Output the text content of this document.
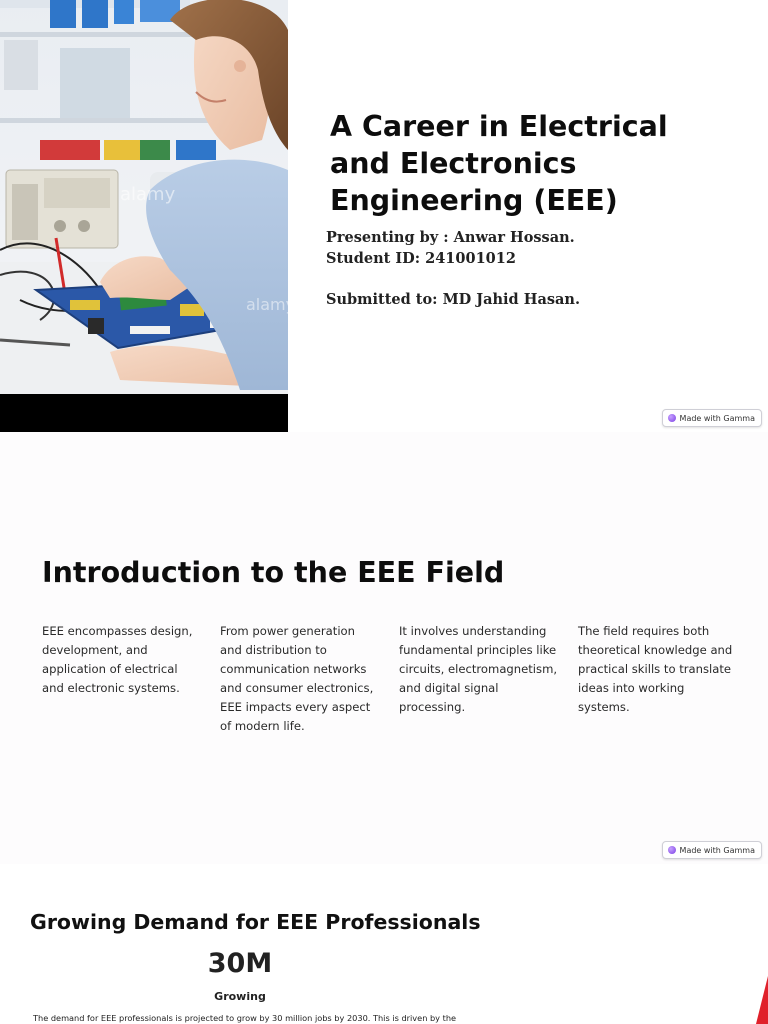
alamy
alamy
A Career in Electrical
and Electronics
Engineering (EEE)
Presenting by : Anwar Hossan.
Student ID: 241001012
Submitted to: MD Jahid Hasan.
Made with Gamma
Introduction to the EEE Field
EEE encompasses design, development, and application of electrical and electronic systems.
From power generation and distribution to communication networks and consumer electronics, EEE impacts every aspect of modern life.
It involves understanding fundamental principles like circuits, electromagnetism, and digital signal processing.
The field requires both theoretical knowledge and practical skills to translate ideas into working systems.
Made with Gamma
Growing Demand for EEE Professionals
30M
Growing
The demand for EEE professionals is projected to grow by 30 million jobs by 2030. This is driven by the
